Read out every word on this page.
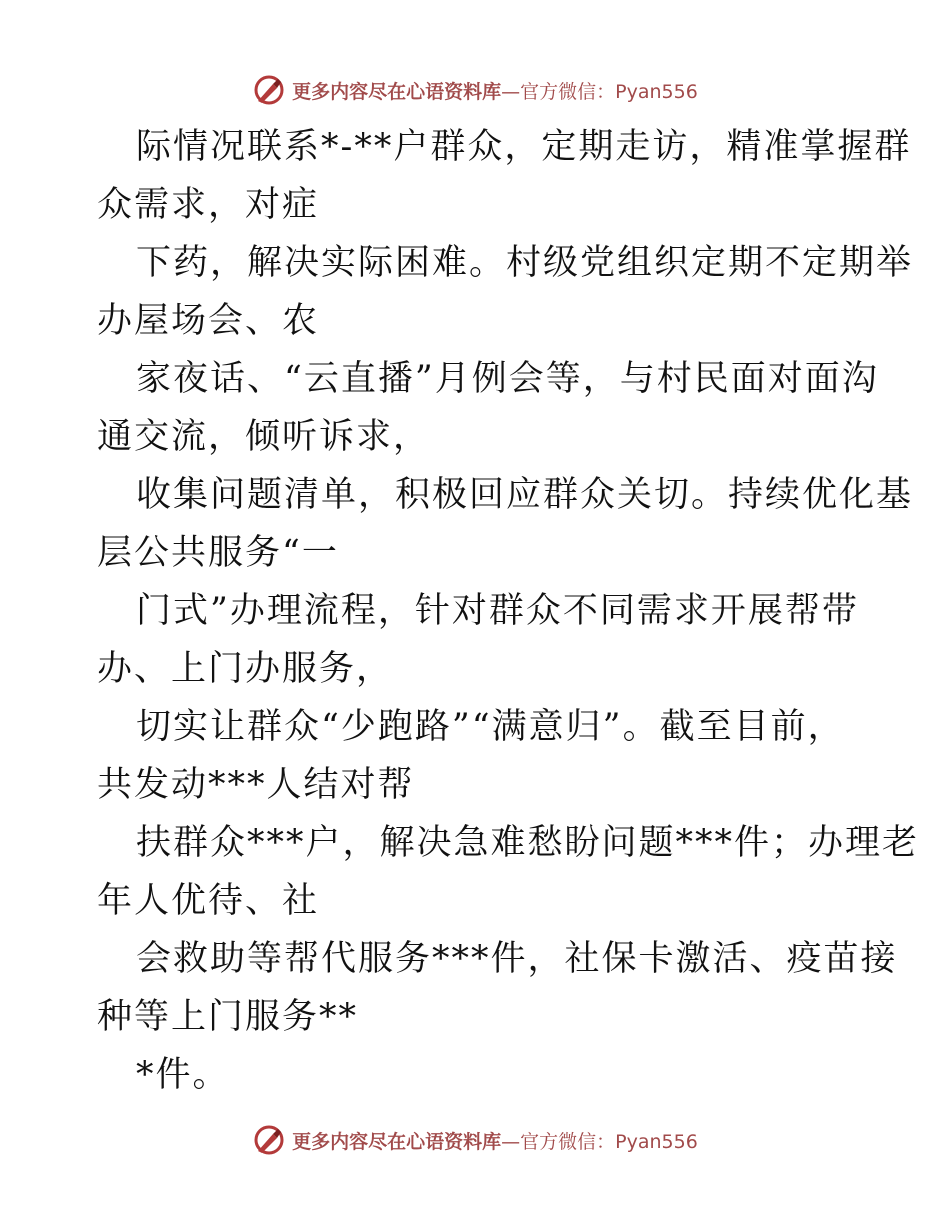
更多内容尽在心语资料库—官方微信：Pyan556

际情况联系*-**户群众，定期走访，精准掌握群
众需求，对症

下药，解决实际困难。村级党组织定期不定期举
办屋场会、农

家夜话、“云直播”月例会等，与村民面对面沟
通交流，倾听诉求，

收集问题清单，积极回应群众关切。持续优化基
层公共服务“一

门式”办理流程，针对群众不同需求开展帮带
办、上门办服务，

切实让群众“少跑路”“满意归”。截至目前，
共发动***人结对帮

扶群众***户，解决急难愁盼问题***件；办理老
年人优待、社

会救助等帮代服务***件，社保卡激活、疫苗接
种等上门服务**

*件。

更多内容尽在心语资料库—官方微信：Pyan556
